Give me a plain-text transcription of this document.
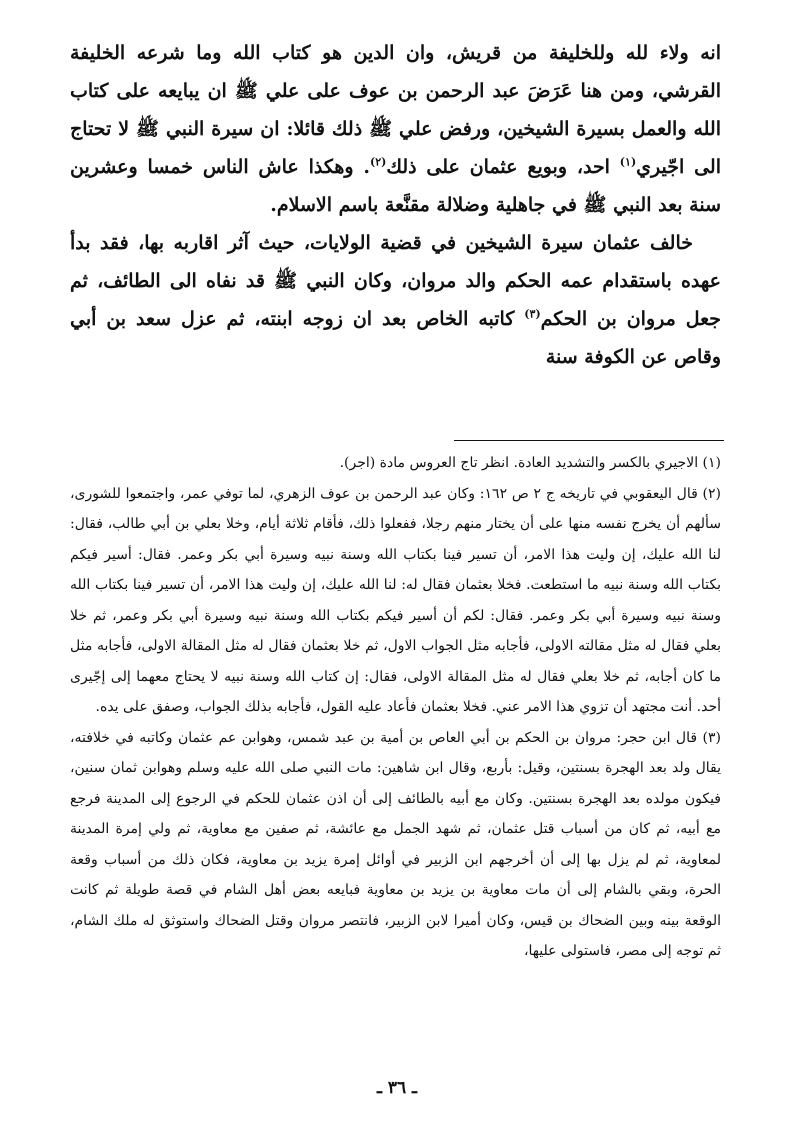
انه ولاء لله وللخليفة من قريش، وان الدين هو كتاب الله وما شرعه الخليفة القرشي، ومن هنا عَرَضَ عبد الرحمن بن عوف على علي ﷺ ان يبايعه على كتاب الله والعمل بسيرة الشيخين، ورفض علي ﷺ ذلك قائلا: ان سيرة النبي ﷺ لا تحتاج الى اجّيري$^{(١)}$ احد، وبويع عثمان على ذلك$^{(٢)}$. وهكذا عاش الناس خمسا وعشرين سنة بعد النبي ﷺ في جاهلية وضلالة مقنَّعة باسم الاسلام.

خالف عثمان سيرة الشيخين في قضية الولايات، حيث آثر اقاربه بها، فقد بدأ عهده باستقدام عمه الحكم والد مروان، وكان النبي ﷺ قد نفاه الى الطائف، ثم جعل مروان بن الحكم$^{(٣)}$ كاتبه الخاص بعد ان زوجه ابنته، ثم عزل سعد بن أبي وقاص عن الكوفة سنة

(١) الاجيري بالكسر والتشديد العادة. انظر تاج العروس مادة (اجر).

(٢) قال اليعقوبي في تاريخه ج ٢ ص ١٦٢: وكان عبد الرحمن بن عوف الزهري، لما توفي عمر، واجتمعوا للشورى، سألهم أن يخرج نفسه منها على أن يختار منهم رجلا، ففعلوا ذلك، فأقام ثلاثة أيام، وخلا بعلي بن أبي طالب، فقال: لنا الله عليك، إن وليت هذا الامر، أن تسير فينا بكتاب الله وسنة نبيه وسيرة أبي بكر وعمر. فقال: أسير فيكم بكتاب الله وسنة نبيه ما استطعت. فخلا بعثمان فقال له: لنا الله عليك، إن وليت هذا الامر، أن تسير فينا بكتاب الله وسنة نبيه وسيرة أبي بكر وعمر. فقال: لكم أن أسير فيكم بكتاب الله وسنة نبيه وسيرة أبي بكر وعمر، ثم خلا بعلي فقال له مثل مقالته الاولى، فأجابه مثل الجواب الاول، ثم خلا بعثمان فقال له مثل المقالة الاولى، فأجابه مثل ما كان أجابه، ثم خلا بعلي فقال له مثل المقالة الاولى، فقال: إن كتاب الله وسنة نبيه لا يحتاج معهما إلى إجّيرى أحد. أنت مجتهد أن تزوي هذا الامر عني. فخلا بعثمان فأعاد عليه القول، فأجابه بذلك الجواب، وصفق على يده.

(٣) قال ابن حجر: مروان بن الحكم بن أبي العاص بن أمية بن عبد شمس، وهوابن عم عثمان وكاتبه في خلافته، يقال ولد بعد الهجرة بسنتين، وقيل: بأربع، وقال ابن شاهين: مات النبي صلى الله عليه وسلم وهوابن ثمان سنين، فيكون مولده بعد الهجرة بسنتين. وكان مع أبيه بالطائف إلى أن اذن عثمان للحكم في الرجوع إلى المدينة فرجع مع أبيه، ثم كان من أسباب قتل عثمان، ثم شهد الجمل مع عائشة، ثم صفين مع معاوية، ثم ولي إمرة المدينة لمعاوية، ثم لم يزل بها إلى أن أخرجهم ابن الزبير في أوائل إمرة يزيد بن معاوية، فكان ذلك من أسباب وقعة الحرة، وبقي بالشام إلى أن مات معاوية بن يزيد بن معاوية فبايعه بعض أهل الشام في قصة طويلة ثم كانت الوقعة بينه وبين الضحاك بن قيس، وكان أميرا لابن الزبير، فانتصر مروان وقتل الضحاك واستوثق له ملك الشام، ثم توجه إلى مصر، فاستولى عليها،

ـ ٣٦ ـ
